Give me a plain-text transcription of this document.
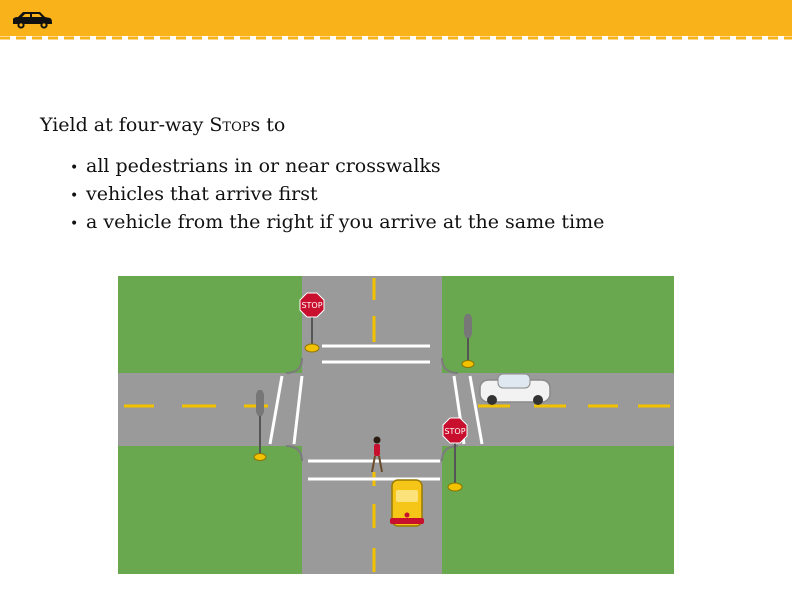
Yield at four-way Stops to
• all pedestrians in or near crosswalks
• vehicles that arrive first
• a vehicle from the right if you arrive at the same time
STOP
STOP
